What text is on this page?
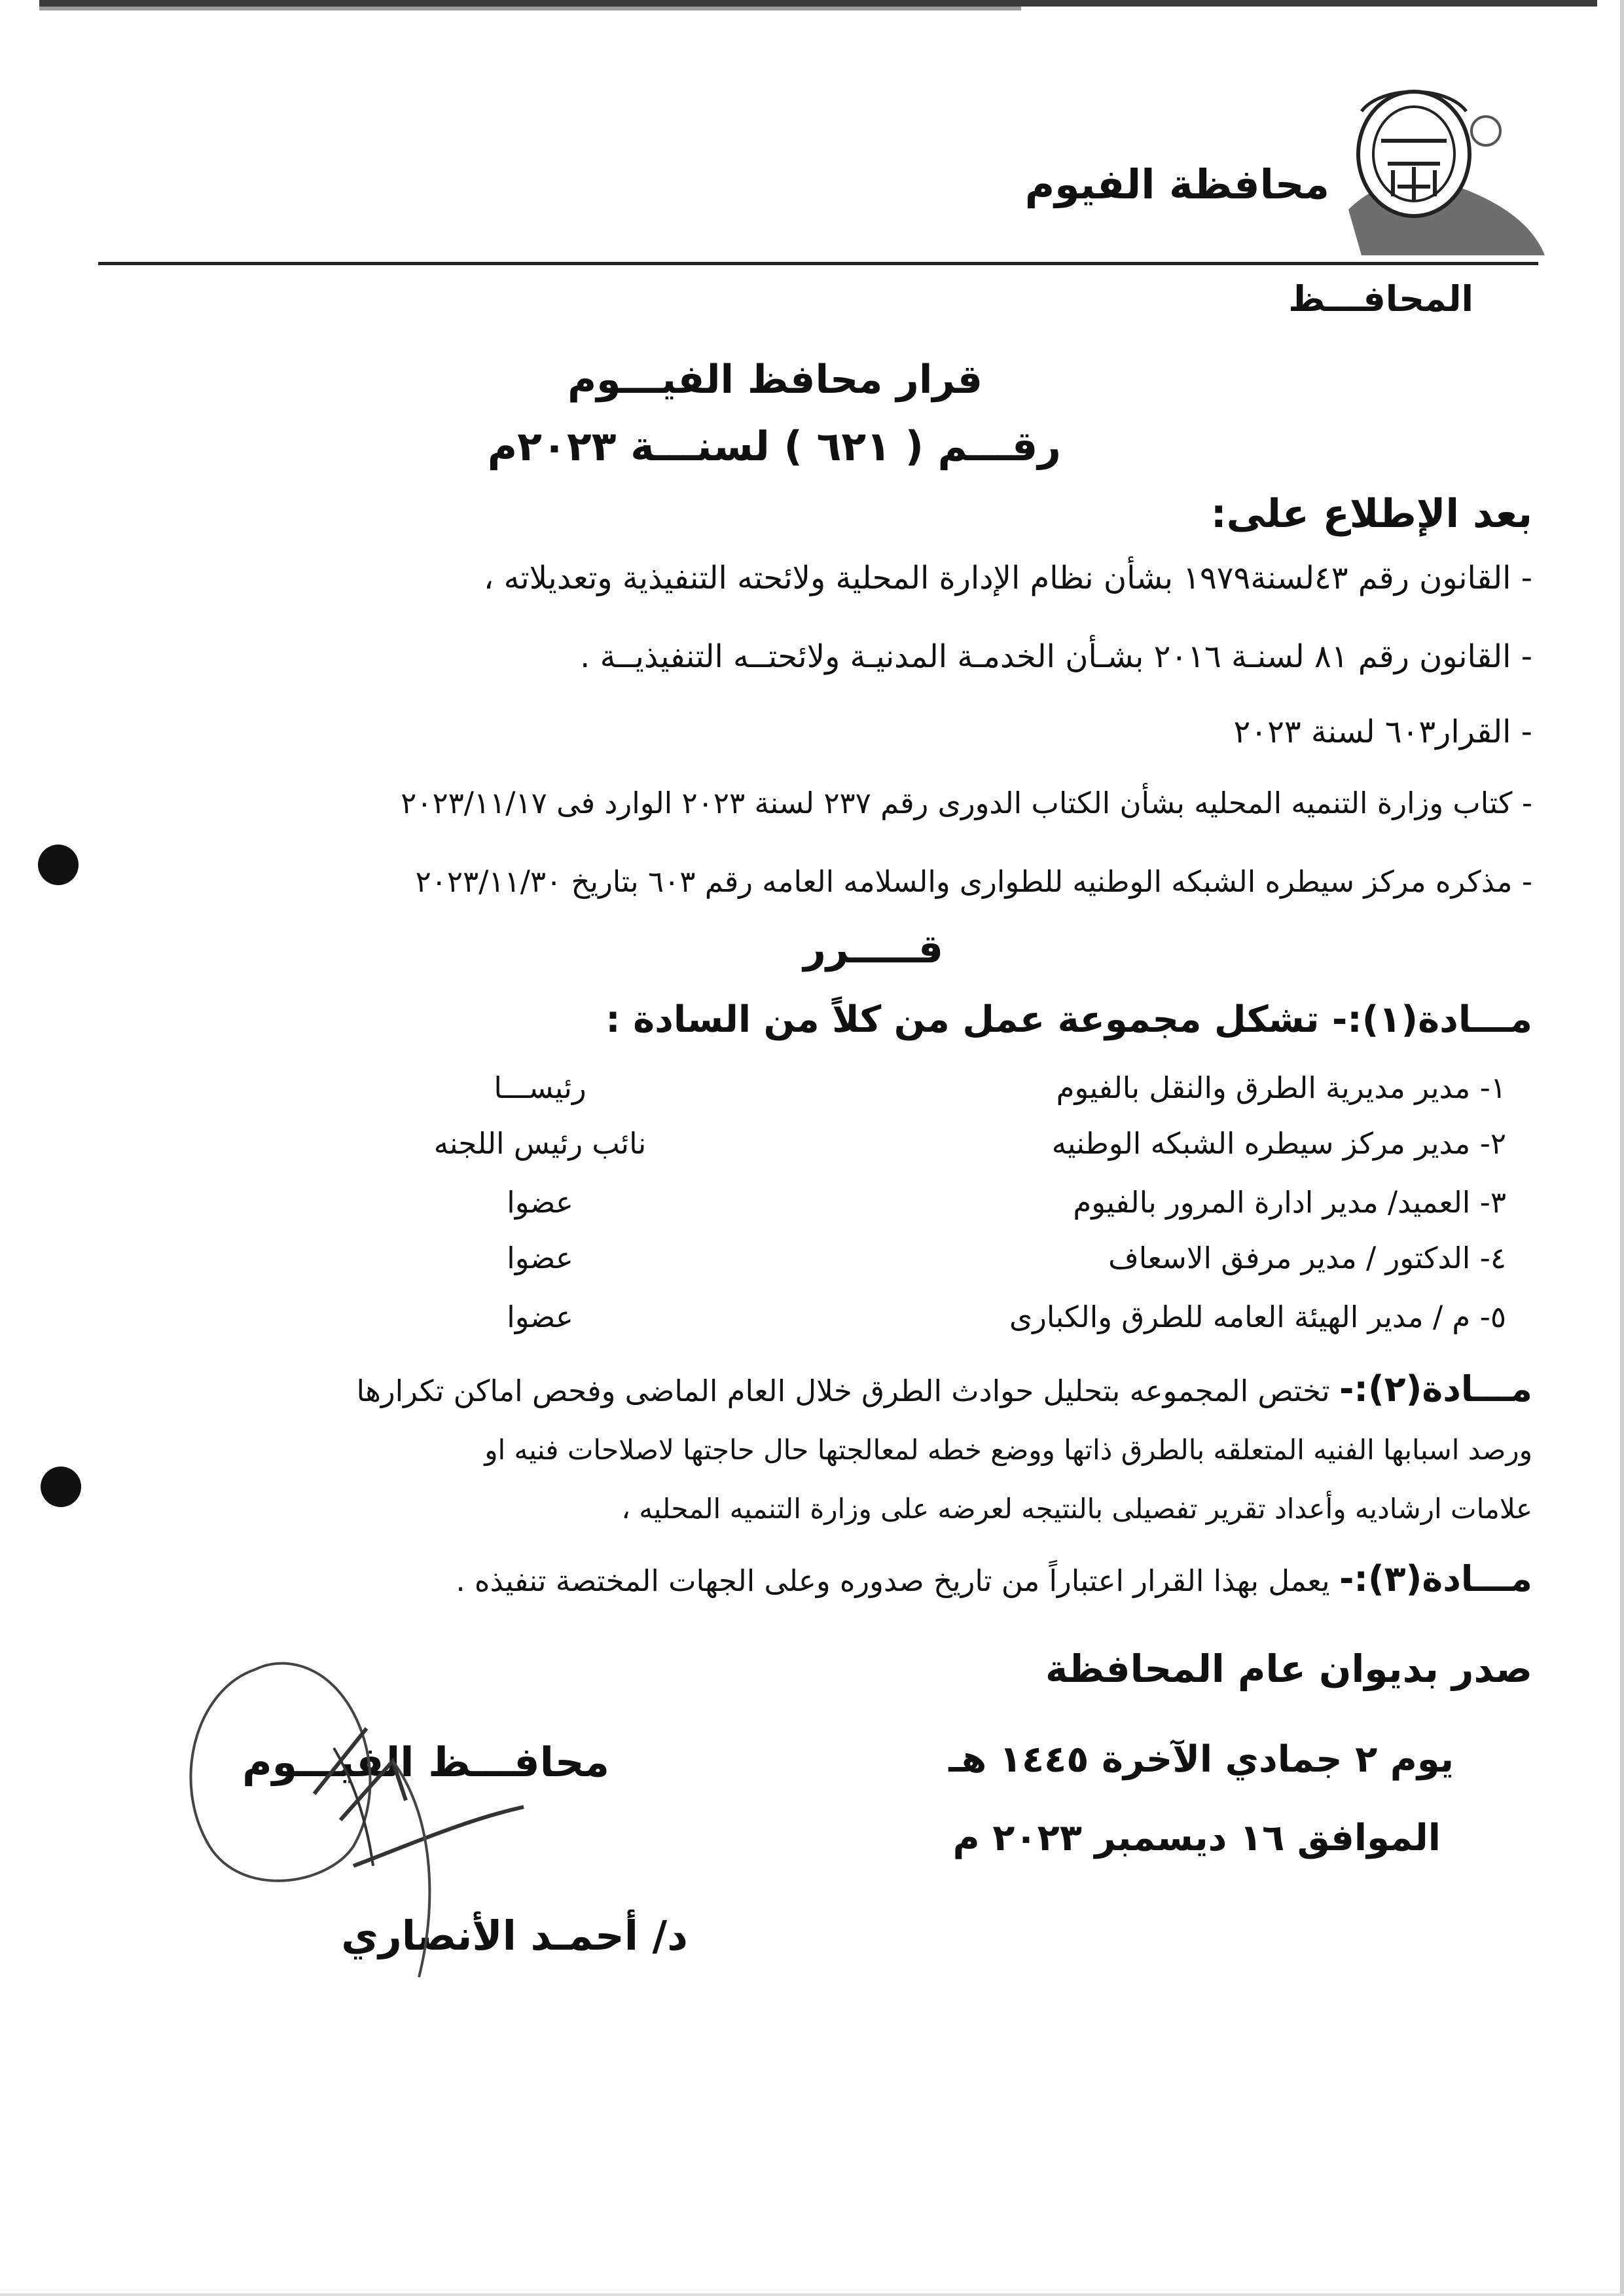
محافظة الفيوم
المحافـــظ
قرار محافظ الفيـــوم
رقـــم ( ٦٢١ ) لسنـــة ٢٠٢٣م
بعد الإطلاع على:
- القانون رقم ٤٣لسنة١٩٧٩ بشأن نظام الإدارة المحلية ولائحته التنفيذية وتعديلاته ،
- القانون رقم ٨١ لسنـة ٢٠١٦ بشـأن الخدمـة المدنيـة ولائحتــه التنفيذيــة .
- القرار٦٠٣ لسنة ٢٠٢٣
- كتاب وزارة التنميه المحليه بشأن الكتاب الدورى رقم ٢٣٧ لسنة ٢٠٢٣ الوارد فى ٢٠٢٣/١١/١٧
- مذكره مركز سيطره الشبكه الوطنيه للطوارى والسلامه العامه رقم ٦٠٣ بتاريخ ٢٠٢٣/١١/٣٠
قـــــرر
مـــادة(١):- تشكل مجموعة عمل من كلاً من السادة :
١- مدير مديرية الطرق والنقل بالفيوم
رئيســـا
٢- مدير مركز سيطره الشبكه الوطنيه
نائب رئيس اللجنه
٣- العميد/ مدير ادارة المرور بالفيوم
عضوا
٤- الدكتور / مدير مرفق الاسعاف
عضوا
٥- م / مدير الهيئة العامه للطرق والكبارى
عضوا
مـــادة(٢):- تختص المجموعه بتحليل حوادث الطرق خلال العام الماضى وفحص اماكن تكرارها
ورصد اسبابها الفنيه المتعلقه بالطرق ذاتها ووضع خطه لمعالجتها حال حاجتها لاصلاحات فنيه او
علامات ارشاديه وأعداد تقرير تفصيلى بالنتيجه لعرضه على وزارة التنميه المحليه ،
مـــادة(٣):- يعمل بهذا القرار اعتباراً من تاريخ صدوره وعلى الجهات المختصة تنفيذه .
صدر بديوان عام المحافظة
يوم ٢ جمادي الآخرة ١٤٤٥ هـ
الموافق ١٦ ديسمبر ٢٠٢٣ م
محافـــظ الفيـــوم
د/ أحمـد الأنصاري
